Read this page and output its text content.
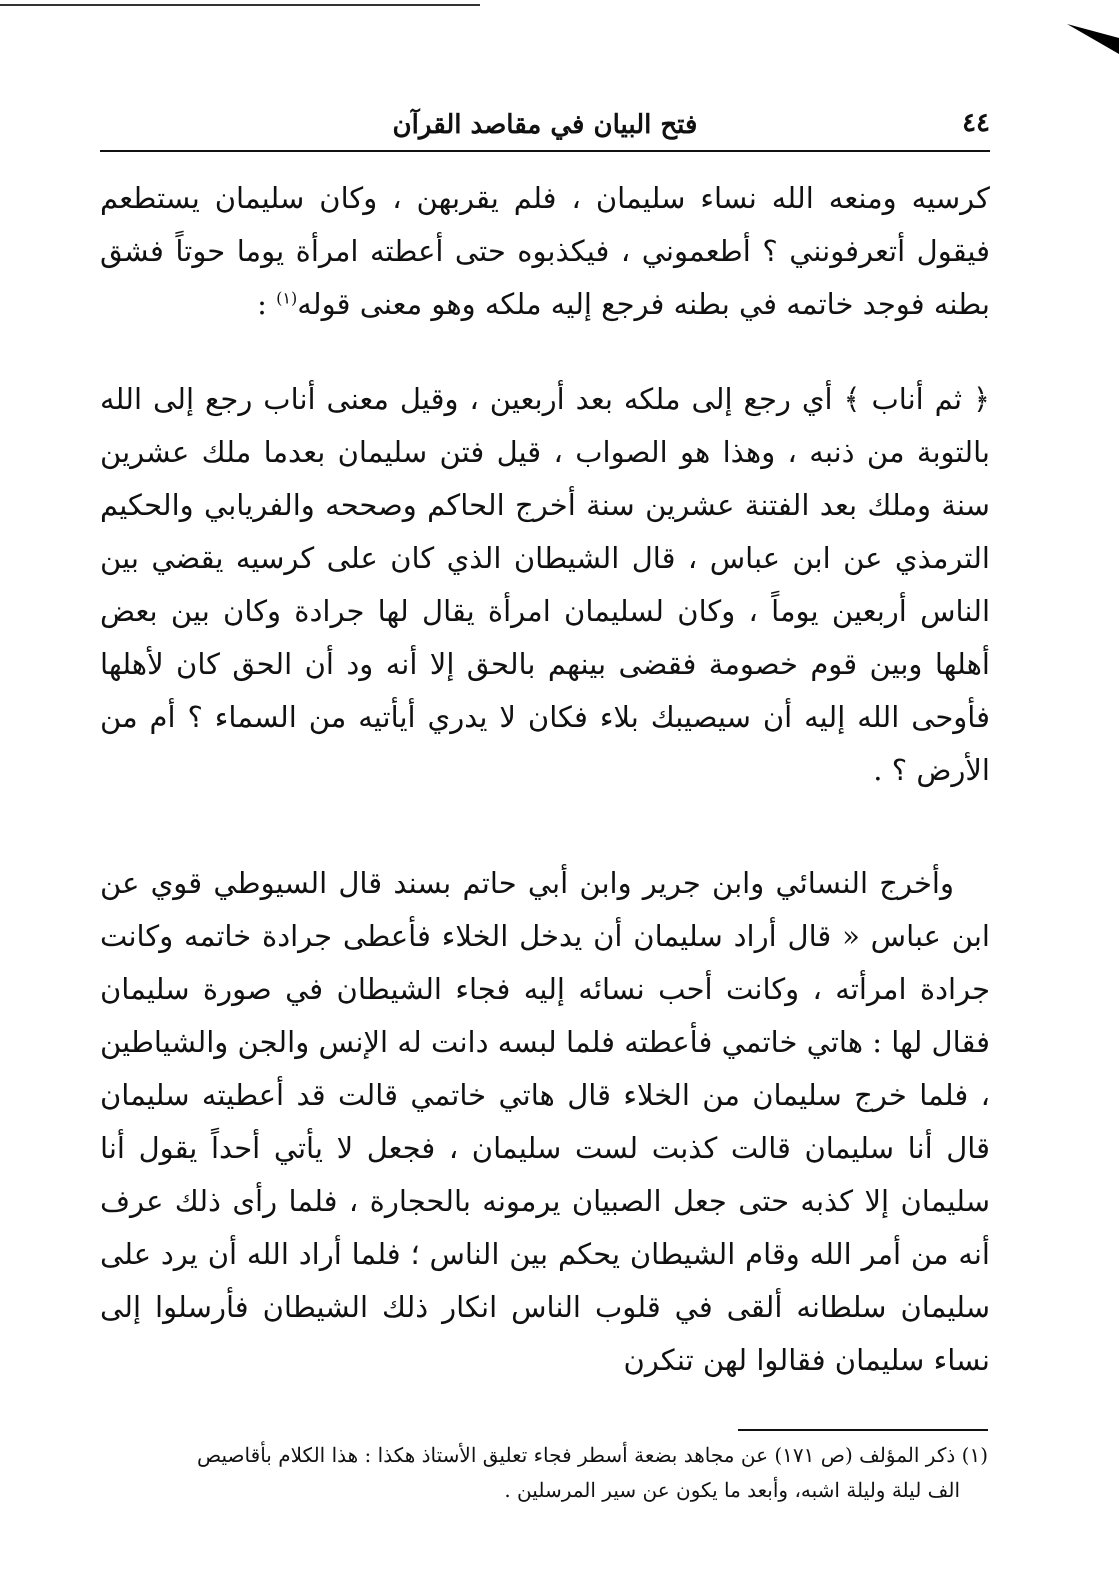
٤٤
فتح البيان في مقاصد القرآن

كرسيه ومنعه الله نساء سليمان ، فلم يقربهن ، وكان سليمان يستطعم فيقول أتعرفونني ؟ أطعموني ، فيكذبوه حتى أعطته امرأة يوما حوتاً فشق بطنه فوجد خاتمه في بطنه فرجع إليه ملكه وهو معنى قوله$^{(١)}$ :

﴿ ثم أناب ﴾ أي رجع إلى ملكه بعد أربعين ، وقيل معنى أناب رجع إلى الله بالتوبة من ذنبه ، وهذا هو الصواب ، قيل فتن سليمان بعدما ملك عشرين سنة وملك بعد الفتنة عشرين سنة أخرج الحاكم وصححه والفريابي والحكيم الترمذي عن ابن عباس ، قال الشيطان الذي كان على كرسيه يقضي بين الناس أربعين يوماً ، وكان لسليمان امرأة يقال لها جرادة وكان بين بعض أهلها وبين قوم خصومة فقضى بينهم بالحق إلا أنه ود أن الحق كان لأهلها فأوحى الله إليه أن سيصيبك بلاء فكان لا يدري أيأتيه من السماء ؟ أم من الأرض ؟ .

وأخرج النسائي وابن جرير وابن أبي حاتم بسند قال السيوطي قوي عن ابن عباس « قال أراد سليمان أن يدخل الخلاء فأعطى جرادة خاتمه وكانت جرادة امرأته ، وكانت أحب نسائه إليه فجاء الشيطان في صورة سليمان فقال لها : هاتي خاتمي فأعطته فلما لبسه دانت له الإنس والجن والشياطين ، فلما خرج سليمان من الخلاء قال هاتي خاتمي قالت قد أعطيته سليمان قال أنا سليمان قالت كذبت لست سليمان ، فجعل لا يأتي أحداً يقول أنا سليمان إلا كذبه حتى جعل الصبيان يرمونه بالحجارة ، فلما رأى ذلك عرف أنه من أمر الله وقام الشيطان يحكم بين الناس ؛ فلما أراد الله أن يرد على سليمان سلطانه ألقى في قلوب الناس انكار ذلك الشيطان فأرسلوا إلى نساء سليمان فقالوا لهن تنكرن

(١) ذكر المؤلف (ص ١٧١) عن مجاهد بضعة أسطر فجاء تعليق الأستاذ هكذا : هذا الكلام بأقاصيص
الف ليلة وليلة اشبه، وأبعد ما يكون عن سير المرسلين .
